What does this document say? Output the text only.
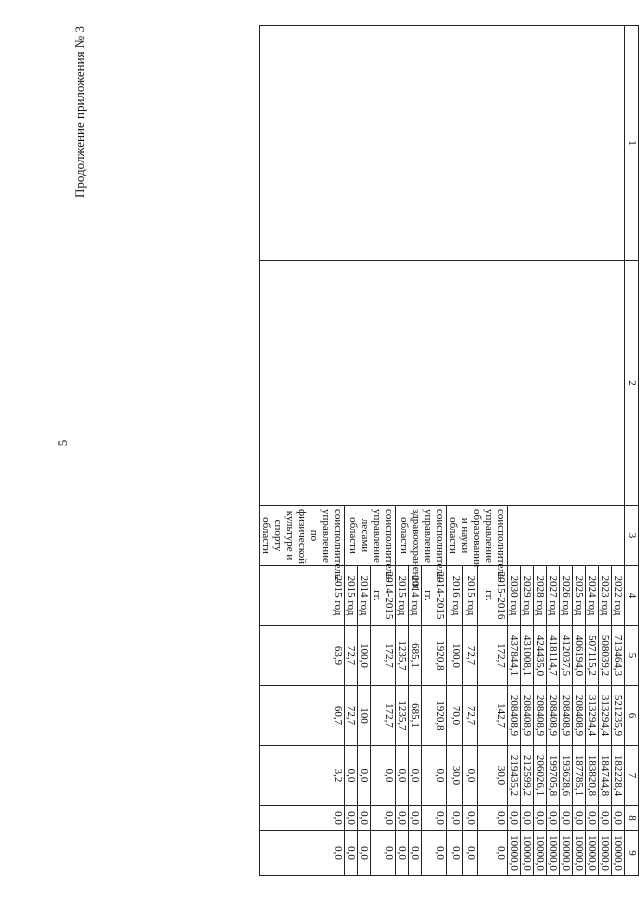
5
Продолжение приложения № 3	1	2	3	4	5	6	7	8	9
			2022 год	713464,3	521235,9	182228,4	0,0	10000,0
			2023 год	508039,2	313294,4	184744,8	0,0	10000,0
			2024 год	507115,2	313294,4	183820,8	0,0	10000,0
			2025 год	406194,0	208408,9	187785,1	0,0	10000,0
			2026 год	412037,5	208408,9	193628,6	0,0	10000,0
			2027 год	418114,7	208408,9	199705,8	0,0	10000,0
			2028 год	424435,0	208408,9	206026,1	0,0	10000,0
			2029 год	431008,1	208408,9	212599,2	0,0	10000,0
			2030 год	437844,1	208408,9	219435,2	0,0	10000,0
		соисполнитель-управление образования и науки области	2015-2016 гг.	172,7	142,7	30,0	0,0	0,0
			2015 год	72,7	72,7	0,0	0,0	0,0
			2016 год	100,0	70,0	30,0	0,0	0,0
		соисполнитель-управление здравоохранения области	2014-2015 гг.	1920,8	1920,8	0,0	0,0	0,0
			2014 год	685,1	685,1	0,0	0,0	0,0
			2015 год	1235,7	1235,7	0,0	0,0	0,0
		соисполнитель-управление лесами области	2014-2015 гг.	172,7	172,7	0,0	0,0	0,0
			2014 год	100,0	100	0,0	0,0	0,0
			2015 год	72,7	72,7	0,0	0,0	0,0
		соисполнитель-управление по физической культуре и спорту области	2015 год	63,9	60,7	3,2	0,0	0,0
